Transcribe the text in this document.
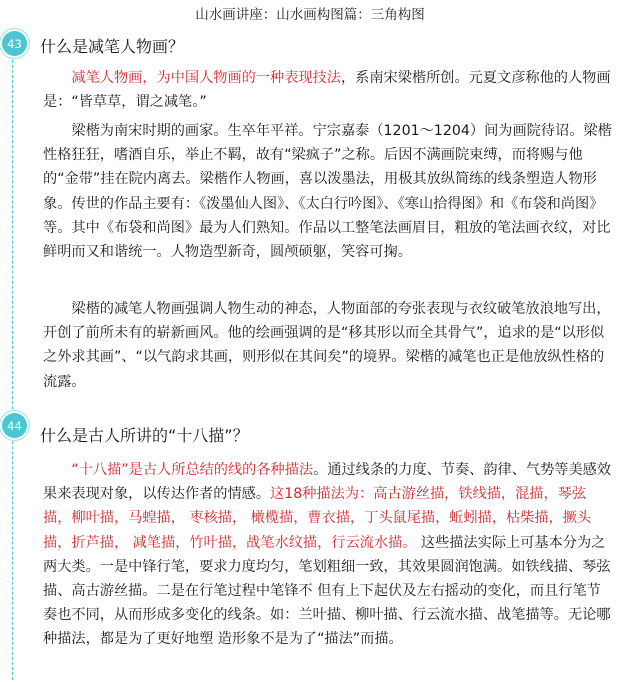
山水画讲座：山水画构图篇：三角构图
43	什么是减笔人物画？

减笔人物画，为中国人物画的一种表现技法，系南宋梁楷所创。元夏文彦称他的人物画是：“皆草草，谓之减笔。”

梁楷为南宋时期的画家。生卒年平祥。宁宗嘉泰（1201～1204）间为画院待诏。梁楷性格狂狂，嗜酒自乐，举止不羁，故有“梁疯子”之称。后因不满画院束缚，而将赐与他的“金带”挂在院内离去。梁楷作人物画，喜以泼墨法，用极其放纵简练的线条塑造人物形象。传世的作品主要有：《泼墨仙人图》、《太白行吟图》、《寒山拾得图》和《布袋和尚图》等。其中《布袋和尚图》最为人们熟知。作品以工整笔法画眉目，粗放的笔法画衣纹，对比鲜明而又和谐统一。人物造型新奇，圆颅硕躯，笑容可掬。

梁楷的减笔人物画强调人物生动的神态，人物面部的夸张表现与衣纹破笔放浪地写出，开创了前所未有的崭新画风。他的绘画强调的是“移其形以而全其骨气”，追求的是“以形似之外求其画”、“以气韵求其画，则形似在其间矣”的境界。梁楷的减笔也正是他放纵性格的流露。

44
什么是古人所讲的“十八描”？

“十八描”是古人所总结的线的各种描法。通过线条的力度、节奏、韵律、气势等美感效果来表现对象，以传达作者的情感。这18种描法为：高古游丝描，铁线描，混描，琴弦描，柳叶描，马蝗描， 枣核描， 橄榄描，曹衣描，丁头鼠尾描，蚯蚓描，枯柴描，撅头描，折芦描， 减笔描，竹叶描，战笔水纹描，行云流水描。 这些描法实际上可基本分为之两大类。一是中锋行笔，要求力度均匀，笔划粗细一致，其效果圆润饱满。如铁线描、琴弦描、高古游丝描。二是在行笔过程中笔锋不 但有上下起伏及左右摇动的变化，而且行笔节奏也不同，从而形成多变化的线条。如：兰叶描、柳叶描、行云流水描、战笔描等。无论哪种描法，都是为了更好地塑 造形象不是为了“描法”而描。
